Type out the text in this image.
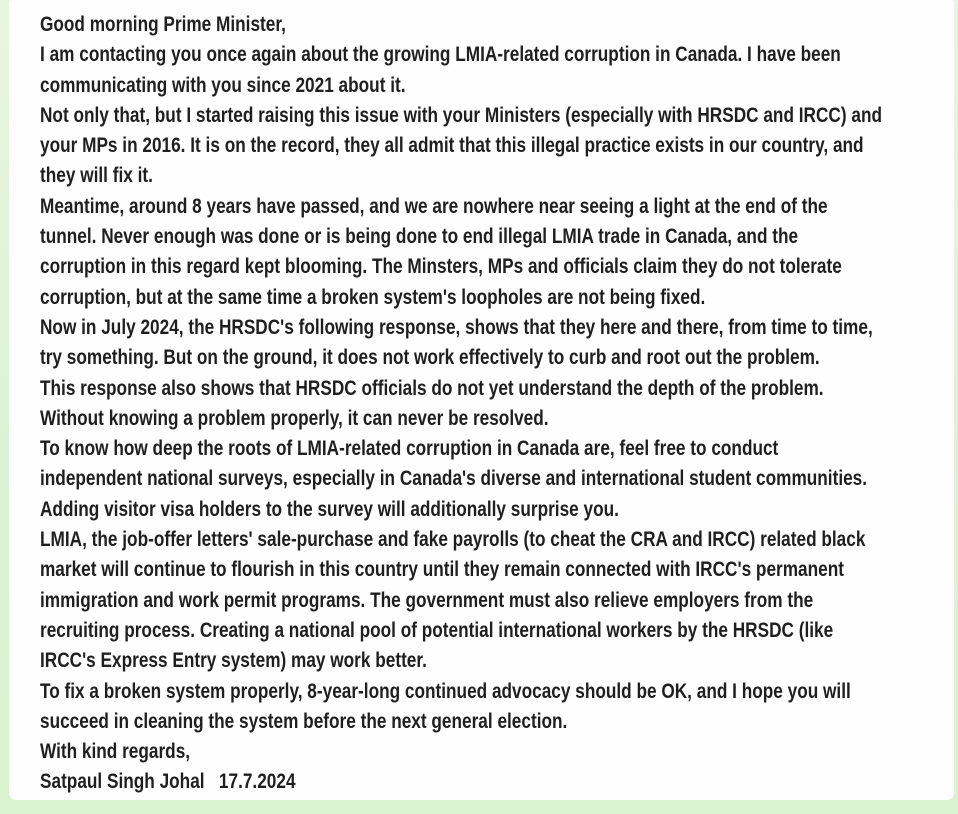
Good morning Prime Minister,
I am contacting you once again about the growing LMIA-related corruption in Canada. I have been
communicating with you since 2021 about it.
Not only that, but I started raising this issue with your Ministers (especially with HRSDC and IRCC) and
your MPs in 2016. It is on the record, they all admit that this illegal practice exists in our country, and
they will fix it.
Meantime, around 8 years have passed, and we are nowhere near seeing a light at the end of the
tunnel. Never enough was done or is being done to end illegal LMIA trade in Canada, and the
corruption in this regard kept blooming. The Minsters, MPs and officials claim they do not tolerate
corruption, but at the same time a broken system's loopholes are not being fixed.
Now in July 2024, the HRSDC's following response, shows that they here and there, from time to time,
try something. But on the ground, it does not work effectively to curb and root out the problem.
This response also shows that HRSDC officials do not yet understand the depth of the problem.
Without knowing a problem properly, it can never be resolved.
To know how deep the roots of LMIA-related corruption in Canada are, feel free to conduct
independent national surveys, especially in Canada's diverse and international student communities.
Adding visitor visa holders to the survey will additionally surprise you.
LMIA, the job-offer letters' sale-purchase and fake payrolls (to cheat the CRA and IRCC) related black
market will continue to flourish in this country until they remain connected with IRCC's permanent
immigration and work permit programs. The government must also relieve employers from the
recruiting process. Creating a national pool of potential international workers by the HRSDC (like
IRCC's Express Entry system) may work better.
To fix a broken system properly, 8-year-long continued advocacy should be OK, and I hope you will
succeed in cleaning the system before the next general election.
With kind regards,
Satpaul Singh Johal   17.7.2024
